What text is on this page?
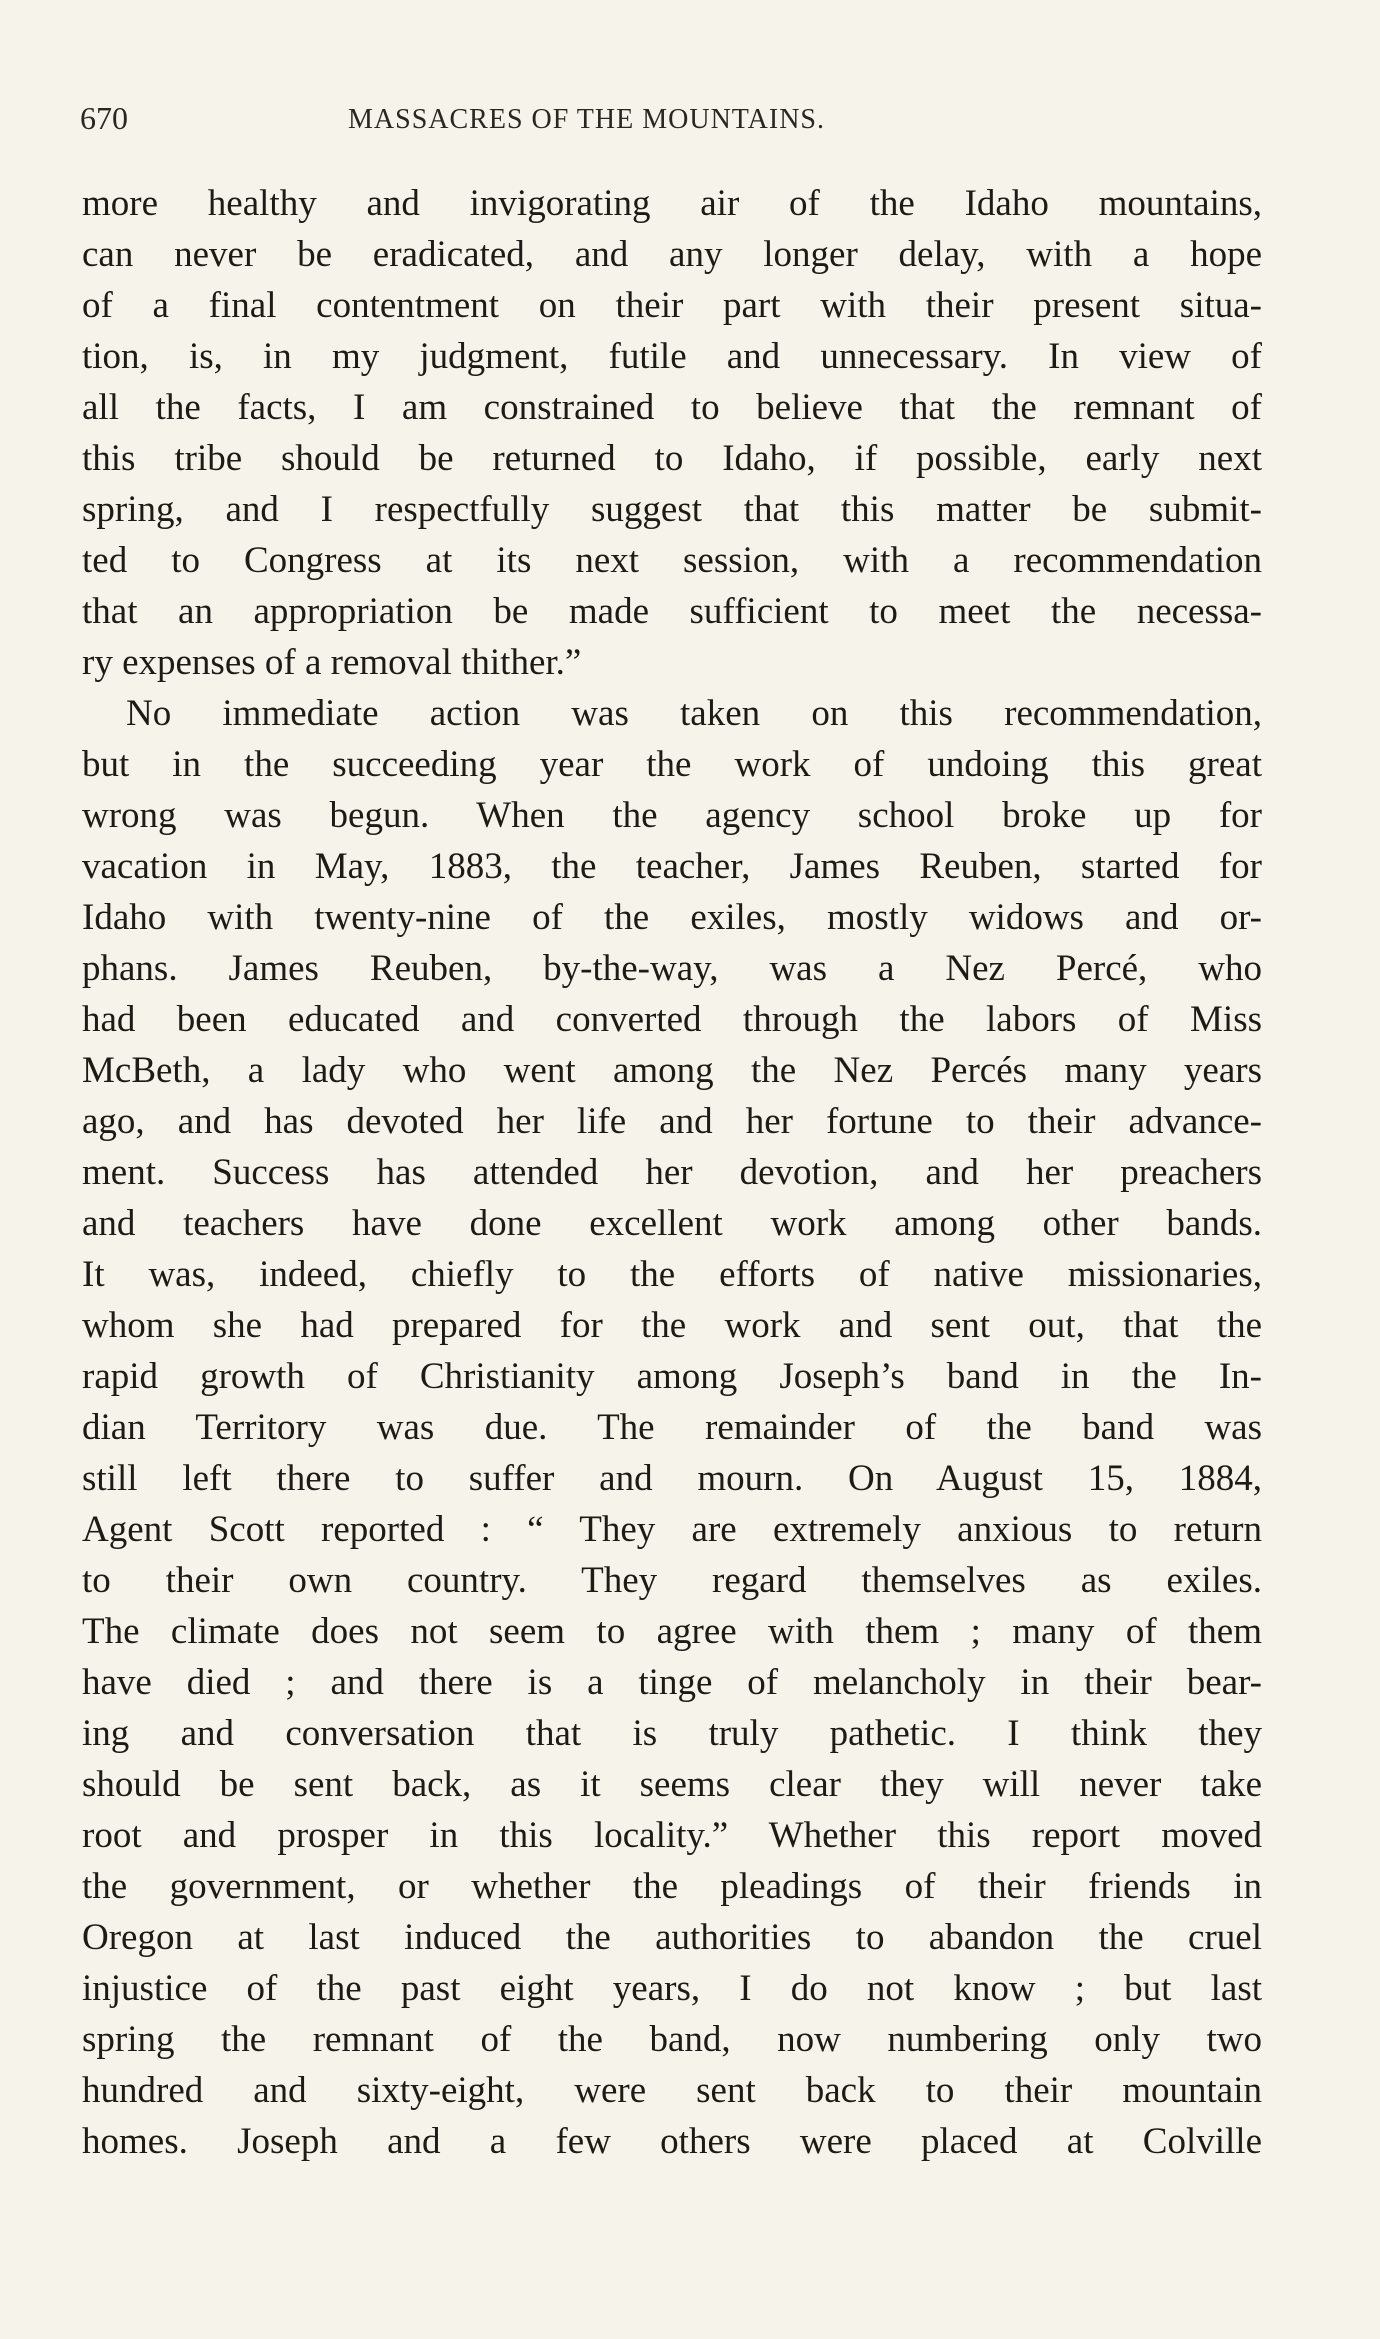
670	MASSACRES OF THE MOUNTAINS.
more healthy and invigorating air of the Idaho mountains,
can never be eradicated, and any longer delay, with a hope
of a final contentment on their part with their present situa-
tion, is, in my judgment, futile and unnecessary. In view of
all the facts, I am constrained to believe that the remnant of
this tribe should be returned to Idaho, if possible, early next
spring, and I respectfully suggest that this matter be submit-
ted to Congress at its next session, with a recommendation
that an appropriation be made sufficient to meet the necessa-
ry expenses of a removal thither.”
No immediate action was taken on this recommendation,
but in the succeeding year the work of undoing this great
wrong was begun. When the agency school broke up for
vacation in May, 1883, the teacher, James Reuben, started for
Idaho with twenty-nine of the exiles, mostly widows and or-
phans. James Reuben, by-the-way, was a Nez Percé, who
had been educated and converted through the labors of Miss
McBeth, a lady who went among the Nez Percés many years
ago, and has devoted her life and her fortune to their advance-
ment. Success has attended her devotion, and her preachers
and teachers have done excellent work among other bands.
It was, indeed, chiefly to the efforts of native missionaries,
whom she had prepared for the work and sent out, that the
rapid growth of Christianity among Joseph’s band in the In-
dian Territory was due. The remainder of the band was
still left there to suffer and mourn. On August 15, 1884,
Agent Scott reported : “ They are extremely anxious to return
to their own country. They regard themselves as exiles.
The climate does not seem to agree with them ; many of them
have died ; and there is a tinge of melancholy in their bear-
ing and conversation that is truly pathetic. I think they
should be sent back, as it seems clear they will never take
root and prosper in this locality.” Whether this report moved
the government, or whether the pleadings of their friends in
Oregon at last induced the authorities to abandon the cruel
injustice of the past eight years, I do not know ; but last
spring the remnant of the band, now numbering only two
hundred and sixty-eight, were sent back to their mountain
homes. Joseph and a few others were placed at Colville
